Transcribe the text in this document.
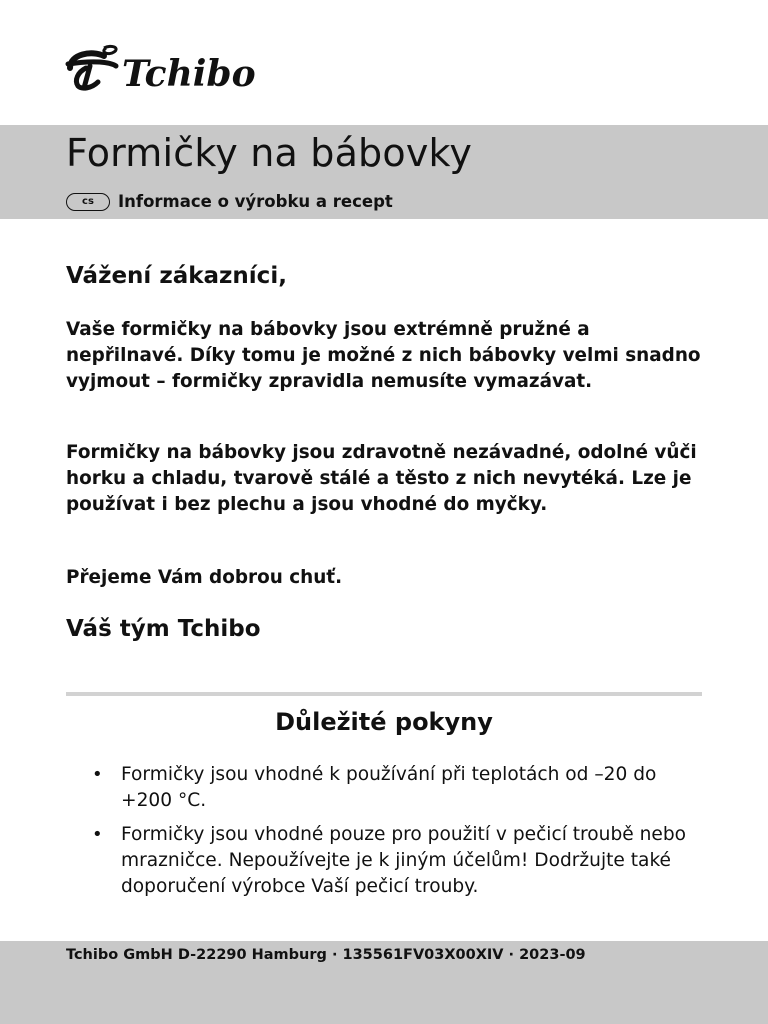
Tchibo
Formičky na bábovky
cs	Informace o výrobku a recept
Vážení zákazníci,

Vaše formičky na bábovky jsou extrémně pružné a nepřilnavé. Díky tomu je možné z nich bábovky velmi snadno vyjmout – formičky zpravidla nemusíte vymazávat.

Formičky na bábovky jsou zdravotně nezávadné, odolné vůči horku a chladu, tvarově stálé a těsto z nich nevytéká. Lze je používat i bez plechu a jsou vhodné do myčky.

Přejeme Vám dobrou chuť.

Váš tým Tchibo
Důležité pokyny
• Formičky jsou vhodné k používání při teplotách od –20 do +200 °C.
• Formičky jsou vhodné pouze pro použití v pečicí troubě nebo mrazničce. Nepoužívejte je k jiným účelům! Dodržujte také doporučení výrobce Vaší pečicí trouby.
Tchibo GmbH D-22290 Hamburg · 135561FV03X00XIV · 2023-09
